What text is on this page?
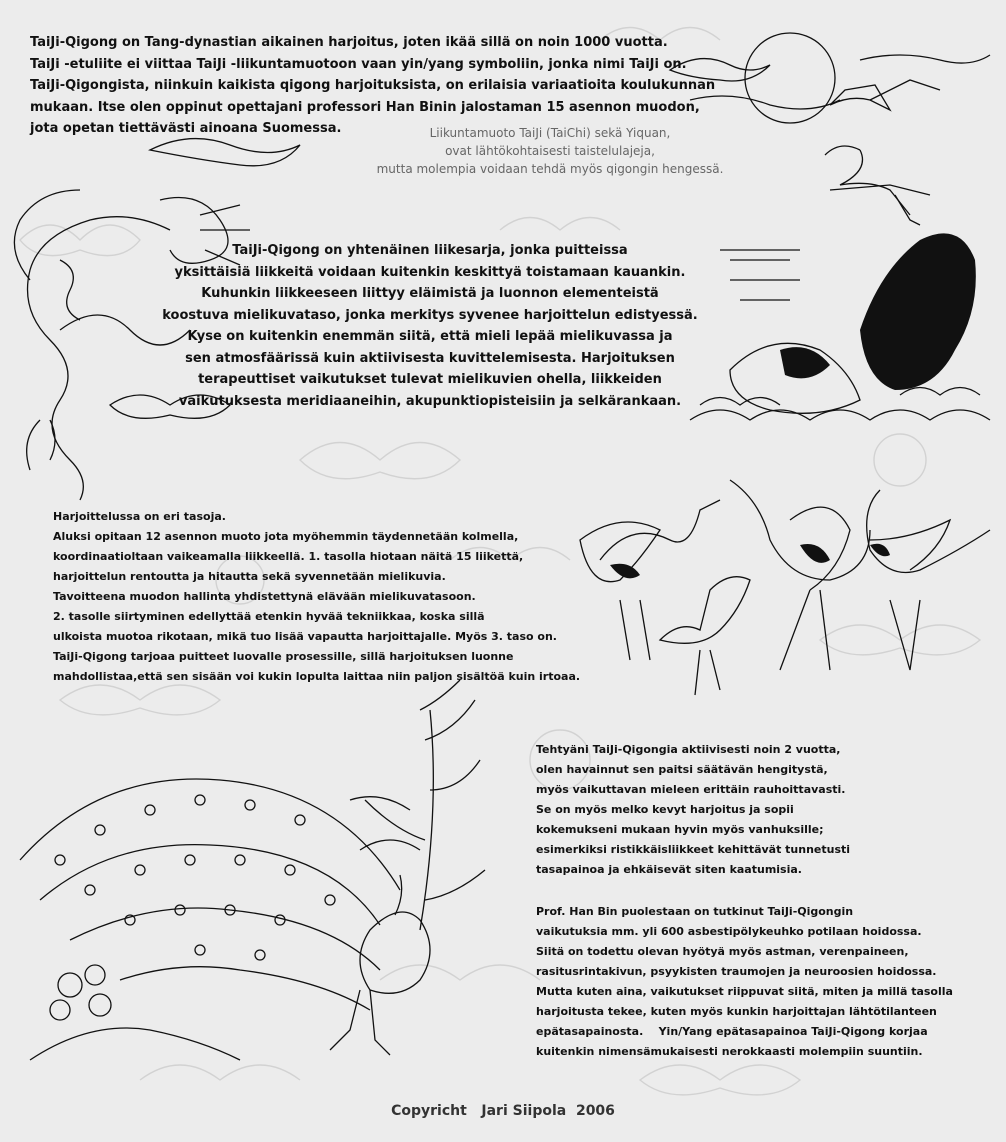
TaiJi-Qigong on Tang-dynastian aikainen harjoitus, joten ikää sillä on noin 1000 vuotta.
TaiJi -etuliite ei viittaa TaiJi -liikuntamuotoon vaan yin/yang symboliin, jonka nimi TaiJi on.
TaiJi-Qigongista, niinkuin kaikista qigong harjoituksista, on erilaisia variaatioita koulukunnan
mukaan. Itse olen oppinut opettajani professori Han Binin jalostaman 15 asennon muodon,
jota opetan tiettävästi ainoana Suomessa.	Liikuntamuoto TaiJi (TaiChi) sekä Yiquan,
ovat lähtökohtaisesti taistelulajeja,
mutta molempia voidaan tehdä myös qigongin hengessä.
TaiJi-Qigong on yhtenäinen liikesarja, jonka puitteissa
yksittäisiä liikkeitä voidaan kuitenkin keskittyä toistamaan kauankin.
Kuhunkin liikkeeseen liittyy eläimistä ja luonnon elementeistä
koostuva mielikuvataso, jonka merkitys syvenee harjoittelun edistyessä.
Kyse on kuitenkin enemmän siitä, että mieli lepää mielikuvassa ja
sen atmosfäärissä kuin aktiivisesta kuvittelemisesta. Harjoituksen
terapeuttiset vaikutukset tulevat mielikuvien ohella, liikkeiden
vaikutuksesta meridiaaneihin, akupunktiopisteisiin ja selkärankaan.
Harjoittelussa on eri tasoja.
Aluksi opitaan 12 asennon muoto jota myöhemmin täydennetään kolmella,
koordinaatioltaan vaikeamalla liikkeellä. 1. tasolla hiotaan näitä 15 liikettä,
harjoittelun rentoutta ja hitautta sekä syvennetään mielikuvia.
Tavoitteena muodon hallinta yhdistettynä elävään mielikuvatasoon.
2. tasolle siirtyminen edellyttää etenkin hyvää tekniikkaa, koska sillä
ulkoista muotoa rikotaan, mikä tuo lisää vapautta harjoittajalle. Myös 3. taso on.
TaiJi-Qigong tarjoaa puitteet luovalle prosessille, sillä harjoituksen luonne
mahdollistaa,että sen sisään voi kukin lopulta laittaa niin paljon sisältöä kuin irtoaa.
Tehtyäni TaiJi-Qigongia aktiivisesti noin 2 vuotta,
olen havainnut sen paitsi säätävän hengitystä,
myös vaikuttavan mieleen erittäin rauhoittavasti.
Se on myös melko kevyt harjoitus ja sopii
kokemukseni mukaan hyvin myös vanhuksille;
esimerkiksi ristikkäisliikkeet kehittävät tunnetusti
tasapainoa ja ehkäisevät siten kaatumisia.
Prof. Han Bin puolestaan on tutkinut TaiJi-Qigongin
vaikutuksia mm. yli 600 asbestipölykeuhko potilaan hoidossa.
Siitä on todettu olevan hyötyä myös astman, verenpaineen,
rasitusrintakivun, psyykisten traumojen ja neuroosien hoidossa.
Mutta kuten aina, vaikutukset riippuvat siitä, miten ja millä tasolla
harjoitusta tekee, kuten myös kunkin harjoittajan lähtötilanteen
epätasapainosta.    Yin/Yang epätasapainoa TaiJi-Qigong korjaa
kuitenkin nimensämukaisesti nerokkaasti molempiin suuntiin.
Copyricht   Jari Siipola  2006
